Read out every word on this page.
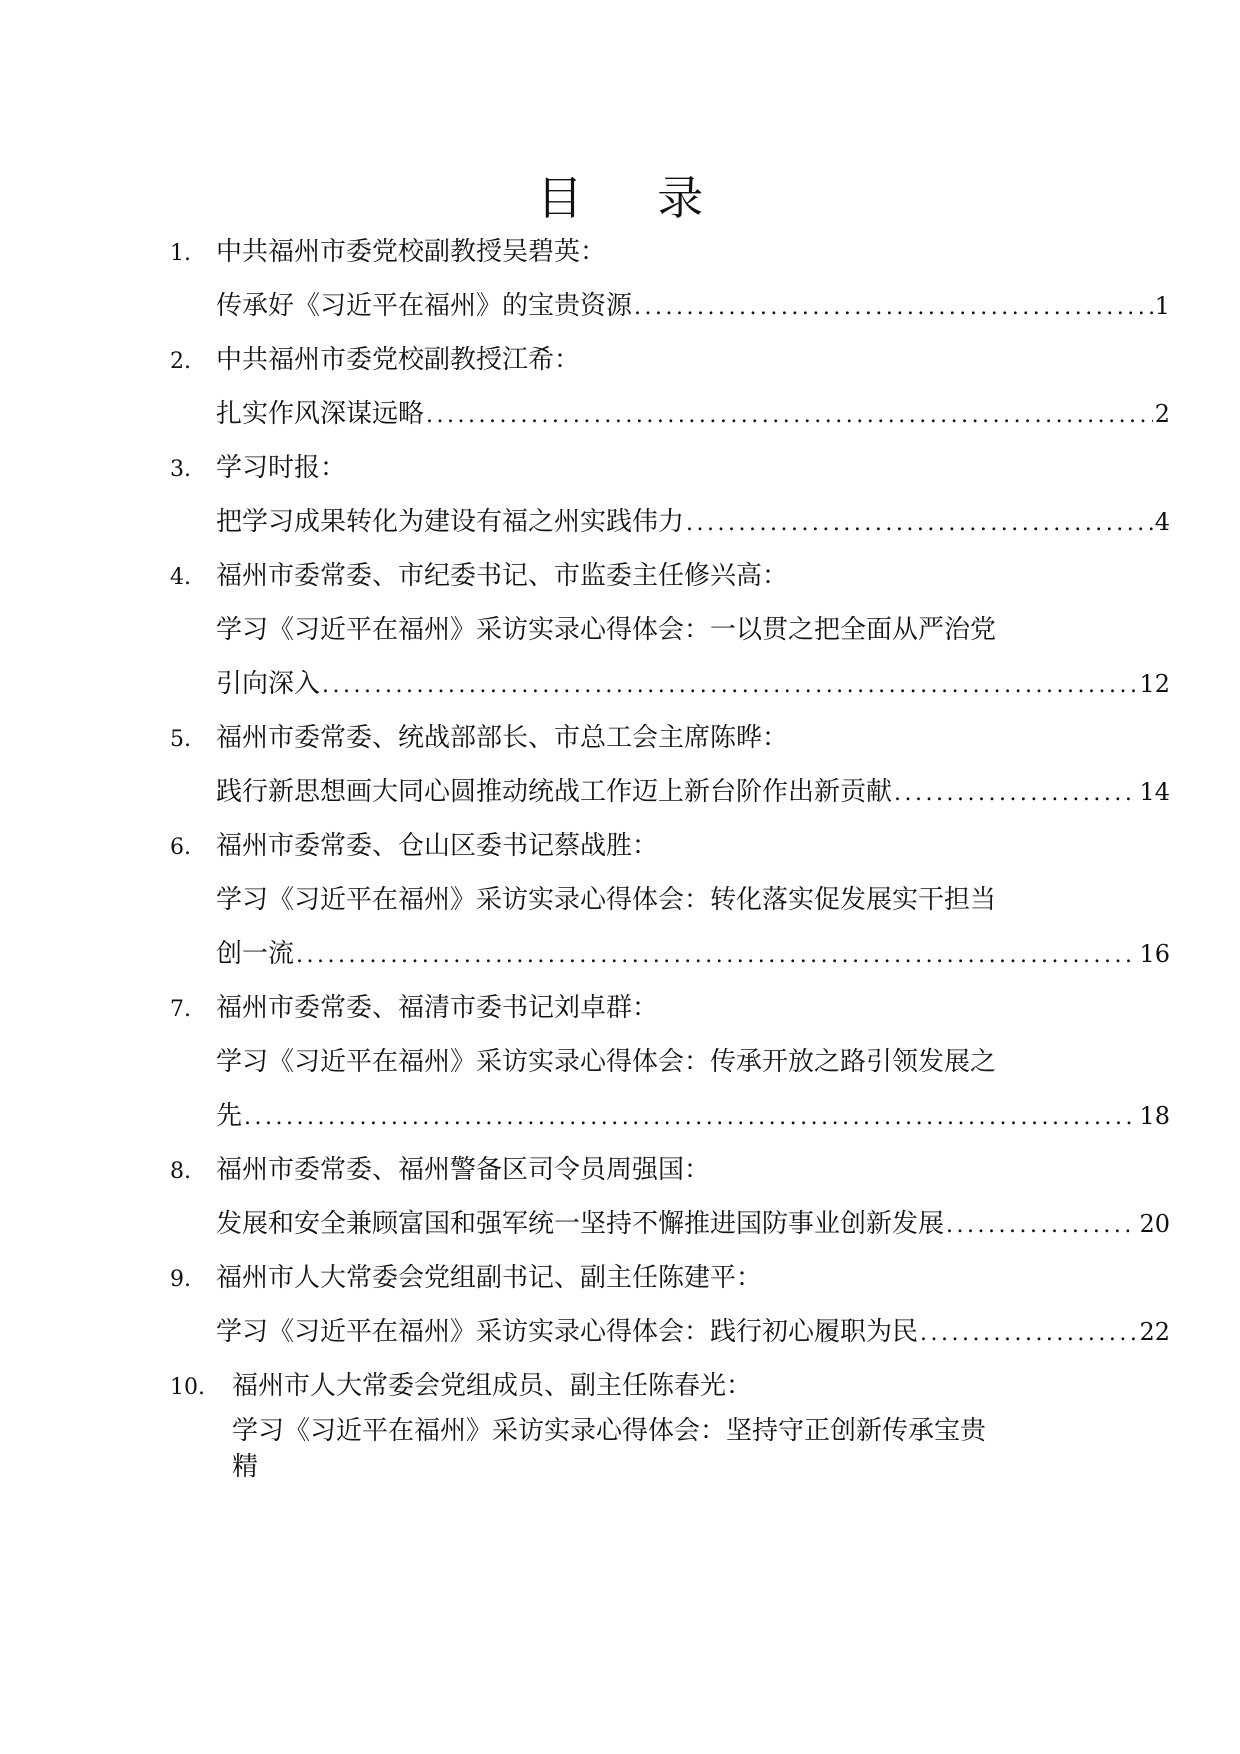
目 录
1. 中共福州市委党校副教授吴碧英：
传承好《习近平在福州》的宝贵资源 .....	1
2. 中共福州市委党校副教授江希：
扎实作风深谋远略 .....	2
3. 学习时报：
把学习成果转化为建设有福之州实践伟力 .....	4
4. 福州市委常委、市纪委书记、市监委主任修兴高：
学习《习近平在福州》采访实录心得体会：一以贯之把全面从严治党
引向深入 .....	12
5. 福州市委常委、统战部部长、市总工会主席陈晔：
践行新思想画大同心圆推动统战工作迈上新台阶作出新贡献 .....	14
6. 福州市委常委、仓山区委书记蔡战胜：
学习《习近平在福州》采访实录心得体会：转化落实促发展实干担当
创一流 .....	16
7. 福州市委常委、福清市委书记刘卓群：
学习《习近平在福州》采访实录心得体会：传承开放之路引领发展之
先 .....	18
8. 福州市委常委、福州警备区司令员周强国：
发展和安全兼顾富国和强军统一坚持不懈推进国防事业创新发展 .....	20
9. 福州市人大常委会党组副书记、副主任陈建平：
学习《习近平在福州》采访实录心得体会：践行初心履职为民 .....	22
10. 福州市人大常委会党组成员、副主任陈春光：
学习《习近平在福州》采访实录心得体会：坚持守正创新传承宝贵精
